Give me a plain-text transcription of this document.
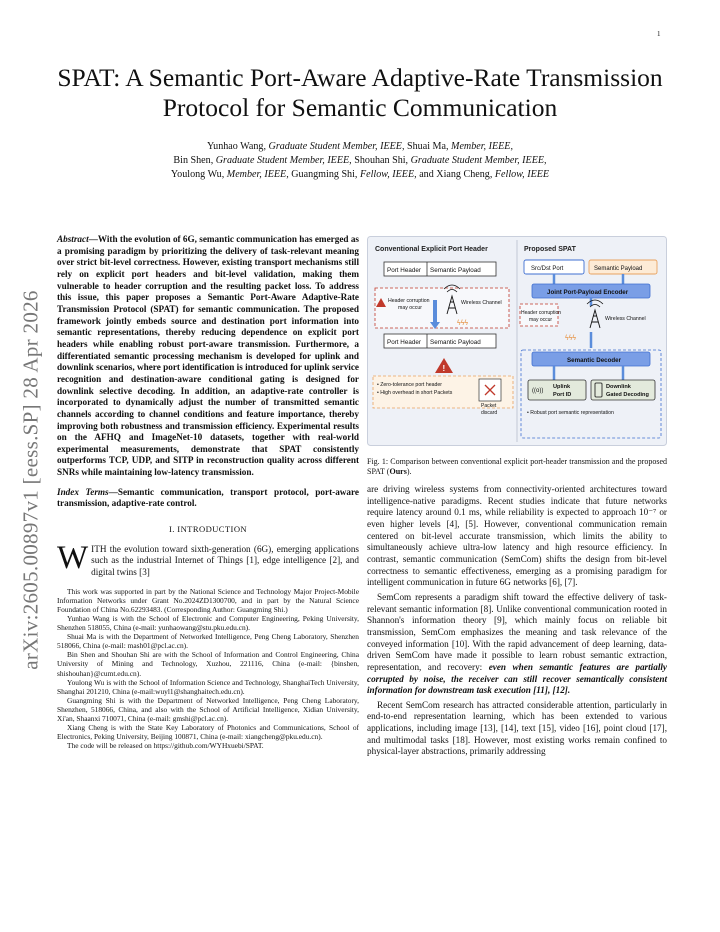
1
arXiv:2605.00897v1 [eess.SP] 28 Apr 2026
SPAT: A Semantic Port-Aware Adaptive-Rate Transmission Protocol for Semantic Communication
Yunhao Wang, Graduate Student Member, IEEE, Shuai Ma, Member, IEEE,
Bin Shen, Graduate Student Member, IEEE, Shouhan Shi, Graduate Student Member, IEEE,
Youlong Wu, Member, IEEE, Guangming Shi, Fellow, IEEE, and Xiang Cheng, Fellow, IEEE

Abstract—With the evolution of 6G, semantic communication has emerged as a promising paradigm by prioritizing the delivery of task-relevant meaning over strict bit-level correctness. However, existing transport mechanisms still rely on explicit port headers and bit-level validation, making them vulnerable to header corruption and the resulting packet loss. To address this issue, this paper proposes a Semantic Port-Aware Adaptive-Rate Transmission Protocol (SPAT) for semantic communication. The proposed framework jointly embeds source and destination port information into semantic representations, thereby reducing dependence on explicit port headers while enabling robust port-aware transmission. Furthermore, a differentiated semantic processing mechanism is developed for uplink and downlink scenarios, where port identification is introduced for uplink service recognition and destination-aware conditional gating is designed for downlink selective decoding. In addition, an adaptive-rate controller is incorporated to dynamically adjust the number of transmitted semantic channels according to channel conditions and feature importance, thereby improving both robustness and transmission efficiency. Experimental results on the AFHQ and ImageNet-10 datasets, together with real-world experimental measurements, demonstrate that SPAT consistently outperforms TCP, UDP, and SITP in reconstruction quality across different SNRs while maintaining low-latency transmission.

Index Terms—Semantic communication, transport protocol, port-aware transmission, adaptive-rate control.

I. INTRODUCTION

WITH the evolution toward sixth-generation (6G), emerging applications such as the industrial Internet of Things [1], edge intelligence [2], and digital twins [3]

This work was supported in part by the National Science and Technology Major Project-Mobile Information Networks under Grant No.2024ZD1300700, and in part by the Natural Science Foundation of China No.62293483. (Corresponding Author: Guangming Shi.)
Yunhao Wang is with the School of Electronic and Computer Engineering, Peking University, Shenzhen 518055, China (e-mail: yunhaowang@stu.pku.edu.cn).
Shuai Ma is with the Department of Networked Intelligence, Peng Cheng Laboratory, Shenzhen 518066, China (e-mail: mash01@pcl.ac.cn).
Bin Shen and Shouhan Shi are with the School of Information and Control Engineering, China University of Mining and Technology, Xuzhou, 221116, China (e-mail: {binshen, shishouhan}@cumt.edu.cn).
Youlong Wu is with the School of Information Science and Technology, ShanghaiTech University, Shanghai 201210, China (e-mail:wuyl1@shanghaitech.edu.cn).
Guangming Shi is with the Department of Networked Intelligence, Peng Cheng Laboratory, Shenzhen, 518066, China, and also with the School of Artificial Intelligence, Xidian University, Xi'an, Shaanxi 710071, China (e-mail: gmshi@pcl.ac.cn).
Xiang Cheng is with the State Key Laboratory of Photonics and Communications, School of Electronics, Peking University, Beijing 100871, China (e-mail: xiangcheng@pku.edu.cn).
The code will be released on https://github.com/WYHxuebi/SPAT.
Conventional Explicit Port Header
Port Header Semantic Payload
Header corruption
may occur
Wireless Channel
ϟϟϟ
Port Header Semantic Payload
!
• Zero-tolerance port header
• High overhead in short Packets
Packet
discard
Proposed SPAT
Src/Dst Port	Semantic Payload
Joint Port-Payload Encoder
Header corruption
may occur	Wireless Channel
ϟϟϟ
Semantic Decoder
((o))
Uplink
Port ID
Downlink
Gated Decoding
• Robust port semantic representation
Fig. 1: Comparison between conventional explicit port-header transmission and the proposed SPAT (Ours).

are driving wireless systems from connectivity-oriented architectures toward intelligence-native paradigms. Recent studies indicate that future networks require latency around 0.1 ms, while reliability is expected to approach 10⁻⁷ or even higher levels [4], [5]. However, conventional communication remain centered on bit-level accurate transmission, which limits the ability to simultaneously achieve ultra-low latency and high resource efficiency. In contrast, semantic communication (SemCom) shifts the design from bit-level correctness to semantic effectiveness, emerging as a promising paradigm for intelligent communication in future 6G networks [6], [7].

SemCom represents a paradigm shift toward the effective delivery of task-relevant semantic information [8]. Unlike conventional communication rooted in Shannon's information theory [9], which mainly focus on reliable bit transmission, SemCom emphasizes the meaning and task relevance of the conveyed information [10]. With the rapid advancement of deep learning, data-driven SemCom have made it possible to learn robust semantic extraction, representation, and recovery: even when semantic features are partially corrupted by noise, the receiver can still recover semantically consistent information for downstream task execution [11], [12].

Recent SemCom research has attracted considerable attention, particularly in end-to-end representation learning, which has been extended to various applications, including image [13], [14], text [15], video [16], point cloud [17], and multimodal tasks [18]. However, most existing works remain confined to physical-layer abstractions, primarily addressing
